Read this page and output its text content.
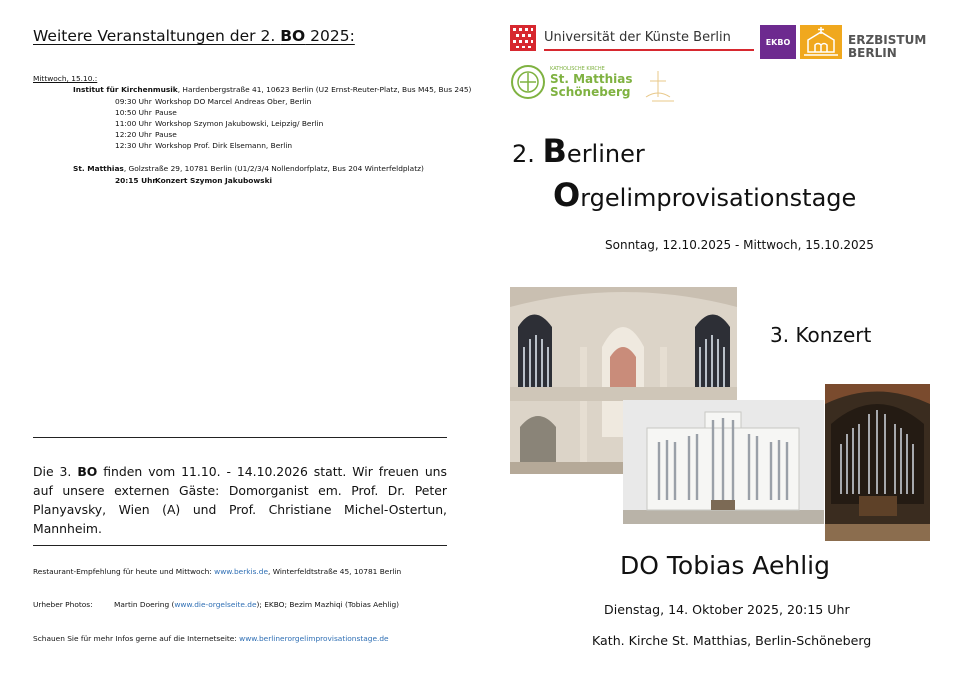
Weitere Veranstaltungen der 2. BO 2025:
Mittwoch, 15.10.:
Institut für Kirchenmusik, Hardenbergstraße 41, 10623 Berlin (U2 Ernst-Reuter-Platz, Bus M45, Bus 245)
09:30 Uhr Workshop DO Marcel Andreas Ober, Berlin
10:50 Uhr Pause
11:00 Uhr Workshop Szymon Jakubowski, Leipzig/ Berlin
12:20 Uhr Pause
12:30 Uhr Workshop Prof. Dirk Elsemann, Berlin
St. Matthias, Golzstraße 29, 10781 Berlin (U1/2/3/4 Nollendorfplatz, Bus 204 Winterfeldplatz)
20:15 UhrKonzert Szymon Jakubowski
Die 3. BO finden vom 11.10. - 14.10.2026 statt. Wir freuen uns auf unsere externen Gäste: Domorganist em. Prof. Dr. Peter Planyavsky, Wien (A) und Prof. Christiane Michel-Ostertun, Mannheim.
Restaurant-Empfehlung für heute und Mittwoch: www.berkis.de, Winterfeldtstraße 45, 10781 Berlin
Urheber Photos:	Martin Doering (www.die-orgelseite.de); EKBO; Bezim Mazhiqi (Tobias Aehlig)
Schauen Sie für mehr Infos gerne auf die Internetseite: www.berlinerorgelimprovisationstage.de
Universität der Künste Berlin	EKBO	ERZBISTUM
BERLIN
KATHOLISCHE KIRCHE
St. Matthias
Schöneberg
2. Berliner
Orgelimprovisationstage
Sonntag, 12.10.2025 - Mittwoch, 15.10.2025
3. Konzert
DO Tobias Aehlig
Dienstag, 14. Oktober 2025, 20:15 Uhr
Kath. Kirche St. Matthias, Berlin-Schöneberg
